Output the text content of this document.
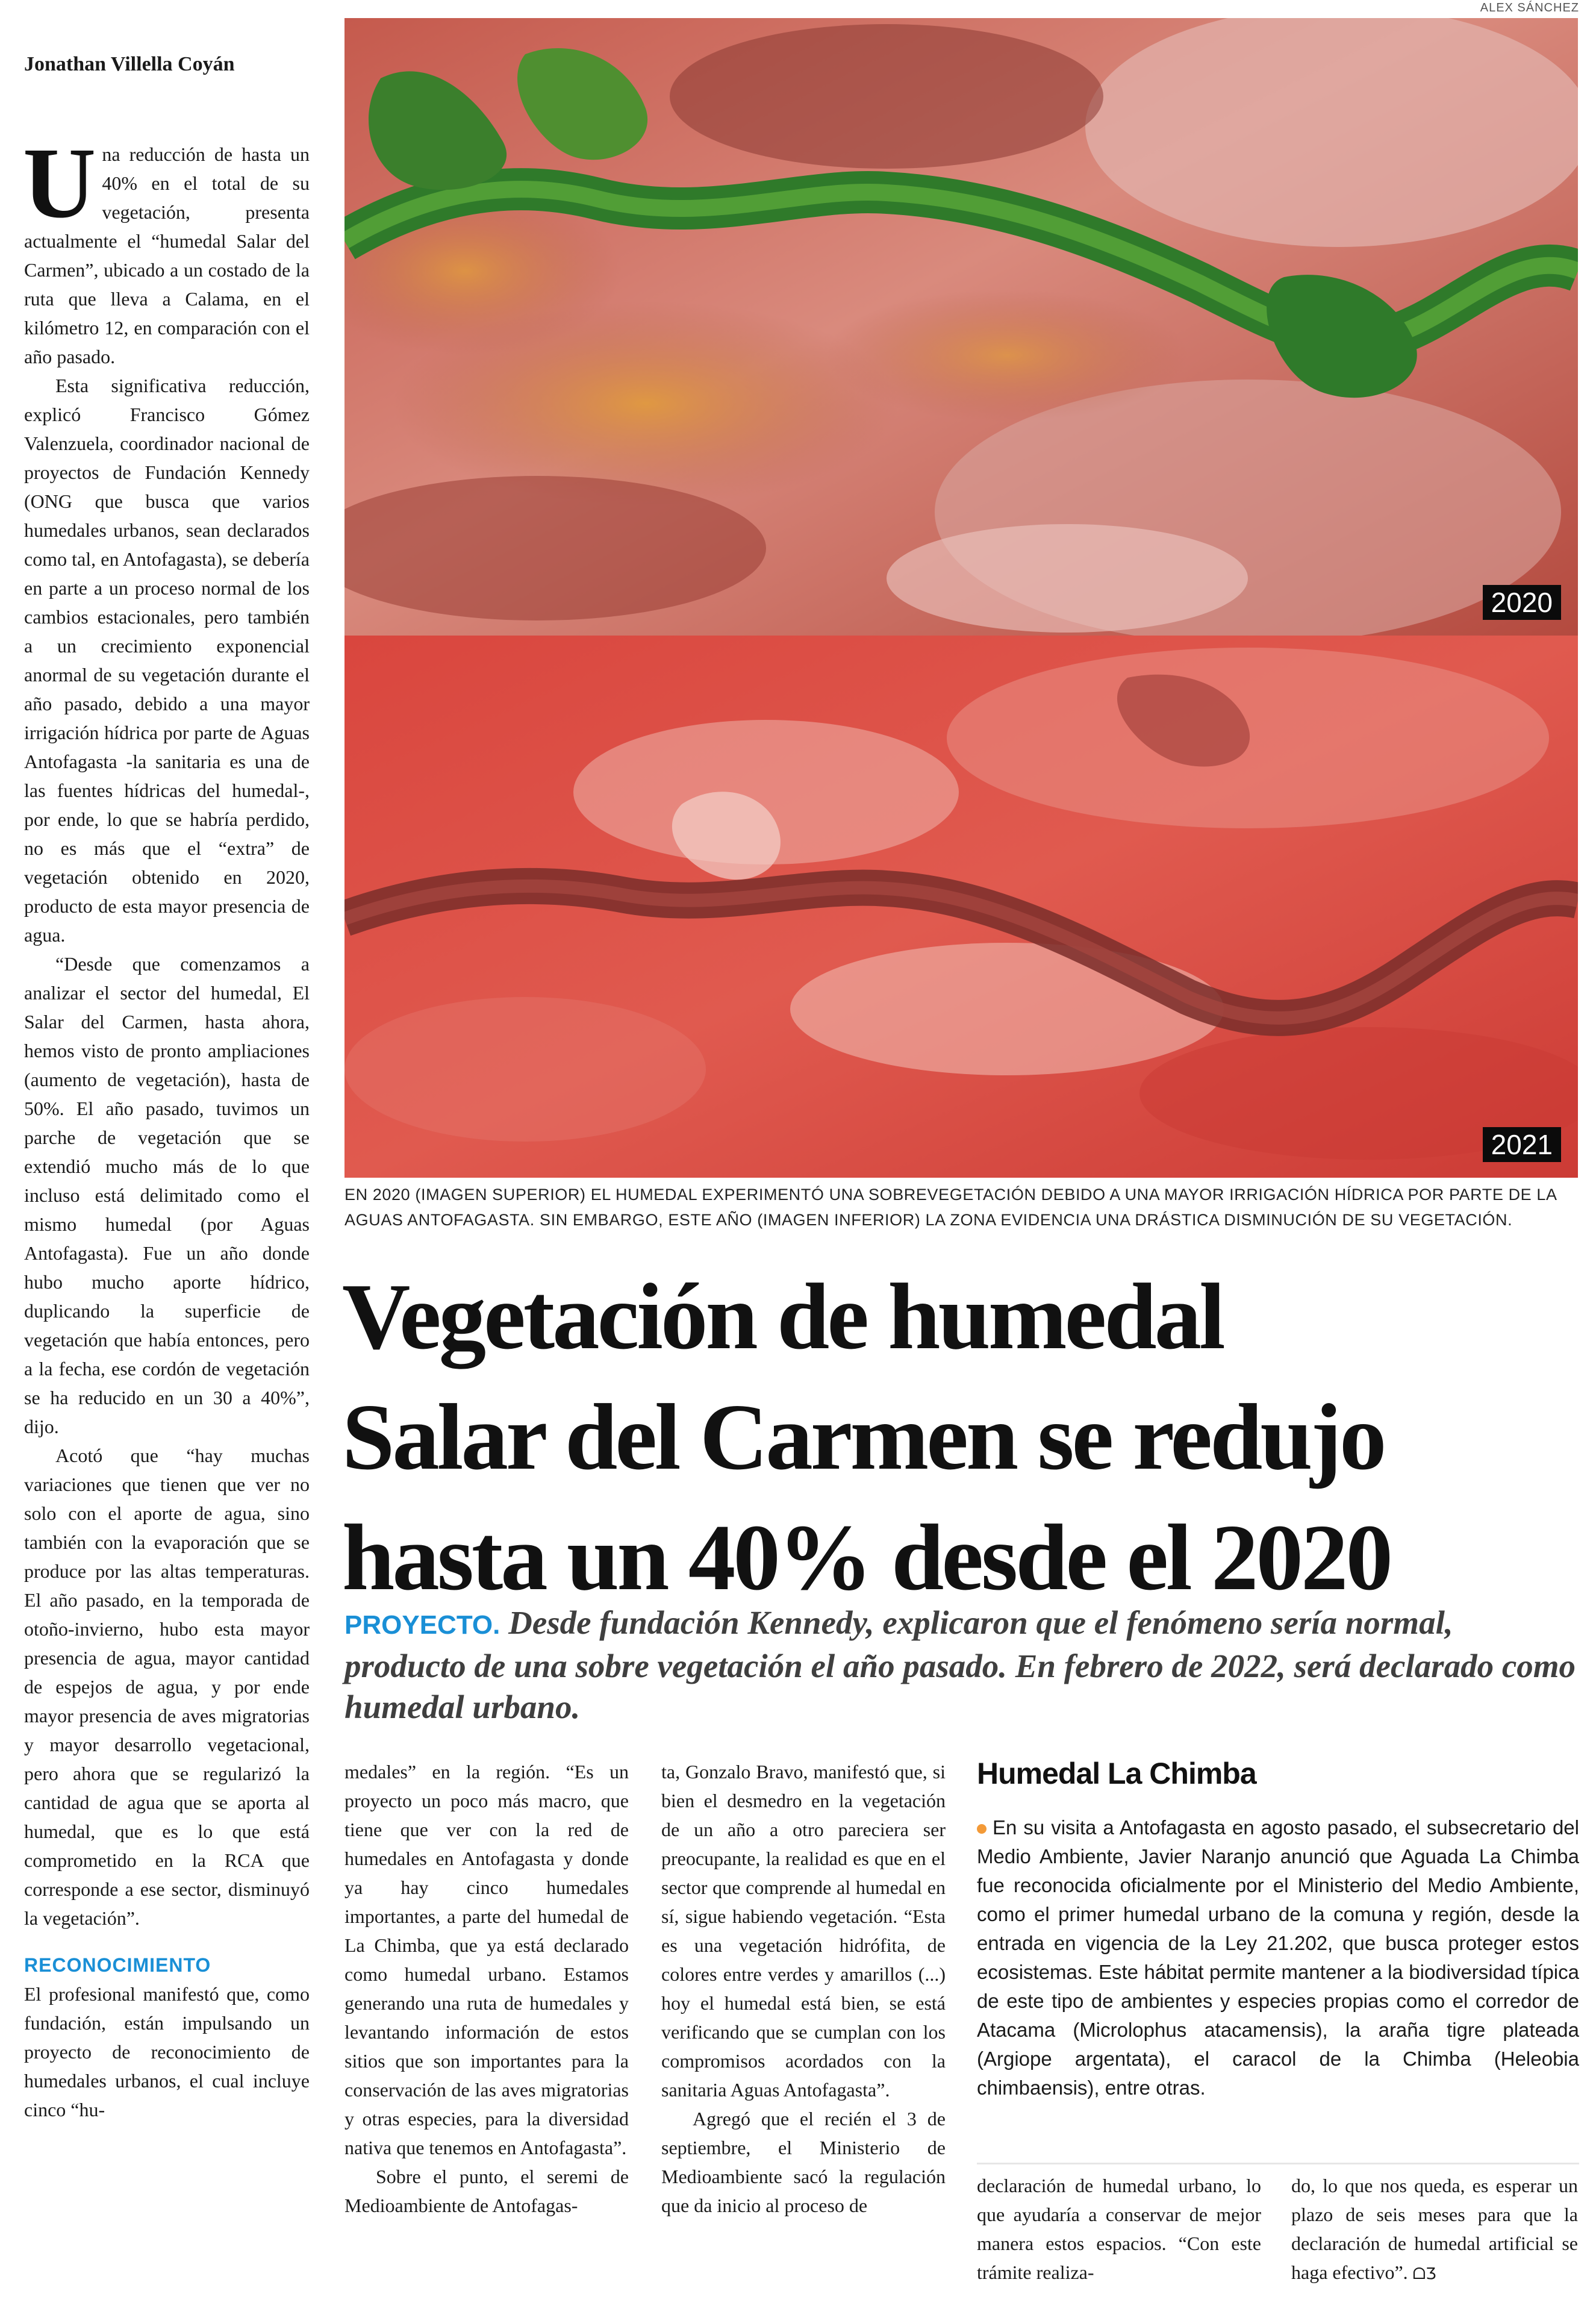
ALEX SÁNCHEZ
Jonathan Villella Coyán
2020
2021
EN 2020 (IMAGEN SUPERIOR) EL HUMEDAL EXPERIMENTÓ UNA SOBREVEGETACIÓN DEBIDO A UNA MAYOR IRRIGACIÓN HÍDRICA POR PARTE DE LA
AGUAS ANTOFAGASTA. SIN EMBARGO, ESTE AÑO (IMAGEN INFERIOR) LA ZONA EVIDENCIA UNA DRÁSTICA DISMINUCIÓN DE SU VEGETACIÓN.
Vegetación de humedal
Salar del Carmen se redujo
hasta un 40% desde el 2020
PROYECTO. Desde fundación Kennedy, explicaron que el fenómeno sería normal, producto de una sobre vegetación el año pasado. En febrero de 2022, será declarado como humedal urbano.

Una reducción de hasta un 40% en el total de su vegetación, presenta actualmente el “humedal Salar del Carmen”, ubicado a un costado de la ruta que lleva a Calama, en el kilómetro 12, en comparación con el año pasado.

Esta significativa reducción, explicó Francisco Gómez Valenzuela, coordinador nacional de proyectos de Fundación Kennedy (ONG que busca que varios humedales urbanos, sean declarados como tal, en Antofagasta), se debería en parte a un proceso normal de los cambios estacionales, pero también a un crecimiento exponencial anormal de su vegetación durante el año pasado, debido a una mayor irrigación hídrica por parte de Aguas Antofagasta -la sanitaria es una de las fuentes hídricas del humedal-, por ende, lo que se habría perdido, no es más que el “extra” de vegetación obtenido en 2020, producto de esta mayor presencia de agua.

“Desde que comenzamos a analizar el sector del humedal, El Salar del Carmen, hasta ahora, hemos visto de pronto ampliaciones (aumento de vegetación), hasta de 50%. El año pasado, tuvimos un parche de vegetación que se extendió mucho más de lo que incluso está delimitado como el mismo humedal (por Aguas Antofagasta). Fue un año donde hubo mucho aporte hídrico, duplicando la superficie de vegetación que había entonces, pero a la fecha, ese cordón de vegetación se ha reducido en un 30 a 40%”, dijo.

Acotó que “hay muchas variaciones que tienen que ver no solo con el aporte de agua, sino también con la evaporación que se produce por las altas temperaturas. El año pasado, en la temporada de otoño-invierno, hubo esta mayor presencia de agua, mayor cantidad de espejos de agua, y por ende mayor presencia de aves migratorias y mayor desarrollo vegetacional, pero ahora que se regularizó la cantidad de agua que se aporta al humedal, que es lo que está comprometido en la RCA que corresponde a ese sector, disminuyó la vegetación”.

RECONOCIMIENTO

El profesional manifestó que, como fundación, están impulsando un proyecto de reconocimiento de humedales urbanos, el cual incluye cinco “hu-

medales” en la región. “Es un proyecto un poco más macro, que tiene que ver con la red de humedales en Antofagasta y donde ya hay cinco humedales importantes, a parte del humedal de La Chimba, que ya está declarado como humedal urbano. Estamos generando una ruta de humedales y levantando información de estos sitios que son importantes para la conservación de las aves migratorias y otras especies, para la diversidad nativa que tenemos en Antofagasta”.

Sobre el punto, el seremi de Medioambiente de Antofagas-

ta, Gonzalo Bravo, manifestó que, si bien el desmedro en la vegetación de un año a otro pareciera ser preocupante, la realidad es que en el sector que comprende al humedal en sí, sigue habiendo vegetación. “Esta es una vegetación hidrófita, de colores entre verdes y amarillos (...) hoy el humedal está bien, se está verificando que se cumplan con los compromisos acordados con la sanitaria Aguas Antofagasta”.

Agregó que el recién el 3 de septiembre, el Ministerio de Medioambiente sacó la regulación que da inicio al proceso de

Humedal La Chimba
En su visita a Antofagasta en agosto pasado, el subsecretario del Medio Ambiente, Javier Naranjo anunció que Aguada La Chimba fue reconocida oficialmente por el Ministerio del Medio Ambiente, como el primer humedal urbano de la comuna y región, desde la entrada en vigencia de la Ley 21.202, que busca proteger estos ecosistemas. Este hábitat permite mantener a la biodiversidad típica de este tipo de ambientes y especies propias como el corredor de Atacama (Microlophus atacamensis), la araña tigre plateada (Argiope argentata), el caracol de la Chimba (Heleobia chimbaensis), entre otras.

declaración de humedal urbano, lo que ayudaría a conservar de mejor manera estos espacios. “Con este trámite realiza-

do, lo que nos queda, es esperar un plazo de seis meses para que la declaración de humedal artificial se haga efectivo”. ᗝƷ
